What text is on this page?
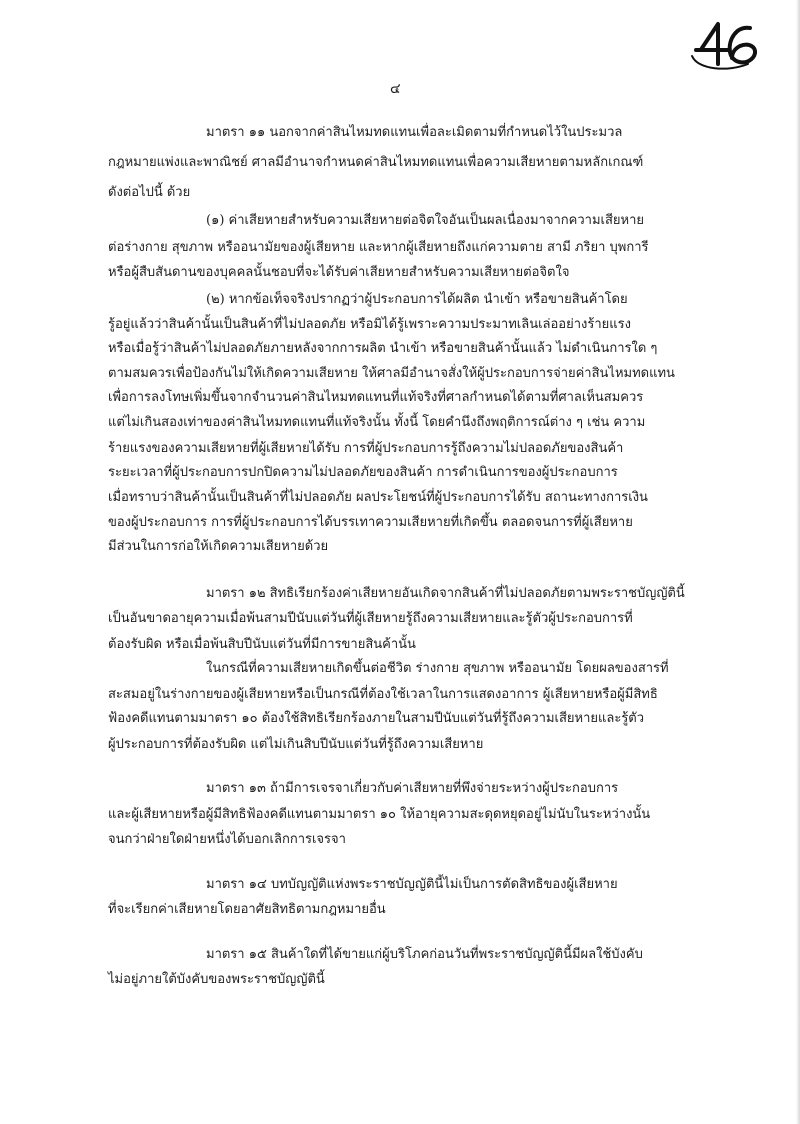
๔
มาตรา ๑๑ นอกจากค่าสินไหมทดแทนเพื่อละเมิดตามที่กำหนดไว้ในประมวล
กฎหมายแพ่งและพาณิชย์ ศาลมีอำนาจกำหนดค่าสินไหมทดแทนเพื่อความเสียหายตามหลักเกณฑ์
ดังต่อไปนี้ ด้วย
(๑) ค่าเสียหายสำหรับความเสียหายต่อจิตใจอันเป็นผลเนื่องมาจากความเสียหาย
ต่อร่างกาย สุขภาพ หรืออนามัยของผู้เสียหาย และหากผู้เสียหายถึงแก่ความตาย สามี ภริยา บุพการี
หรือผู้สืบสันดานของบุคคลนั้นชอบที่จะได้รับค่าเสียหายสำหรับความเสียหายต่อจิตใจ
(๒) หากข้อเท็จจริงปรากฏว่าผู้ประกอบการได้ผลิต นำเข้า หรือขายสินค้าโดย
รู้อยู่แล้วว่าสินค้านั้นเป็นสินค้าที่ไม่ปลอดภัย หรือมิได้รู้เพราะความประมาทเลินเล่ออย่างร้ายแรง
หรือเมื่อรู้ว่าสินค้าไม่ปลอดภัยภายหลังจากการผลิต นำเข้า หรือขายสินค้านั้นแล้ว ไม่ดำเนินการใด ๆ
ตามสมควรเพื่อป้องกันไม่ให้เกิดความเสียหาย ให้ศาลมีอำนาจสั่งให้ผู้ประกอบการจ่ายค่าสินไหมทดแทน
เพื่อการลงโทษเพิ่มขึ้นจากจำนวนค่าสินไหมทดแทนที่แท้จริงที่ศาลกำหนดได้ตามที่ศาลเห็นสมควร
แต่ไม่เกินสองเท่าของค่าสินไหมทดแทนที่แท้จริงนั้น ทั้งนี้ โดยคำนึงถึงพฤติการณ์ต่าง ๆ เช่น ความ
ร้ายแรงของความเสียหายที่ผู้เสียหายได้รับ การที่ผู้ประกอบการรู้ถึงความไม่ปลอดภัยของสินค้า
ระยะเวลาที่ผู้ประกอบการปกปิดความไม่ปลอดภัยของสินค้า การดำเนินการของผู้ประกอบการ
เมื่อทราบว่าสินค้านั้นเป็นสินค้าที่ไม่ปลอดภัย ผลประโยชน์ที่ผู้ประกอบการได้รับ สถานะทางการเงิน
ของผู้ประกอบการ การที่ผู้ประกอบการได้บรรเทาความเสียหายที่เกิดขึ้น ตลอดจนการที่ผู้เสียหาย
มีส่วนในการก่อให้เกิดความเสียหายด้วย
มาตรา ๑๒ สิทธิเรียกร้องค่าเสียหายอันเกิดจากสินค้าที่ไม่ปลอดภัยตามพระราชบัญญัตินี้
เป็นอันขาดอายุความเมื่อพ้นสามปีนับแต่วันที่ผู้เสียหายรู้ถึงความเสียหายและรู้ตัวผู้ประกอบการที่
ต้องรับผิด หรือเมื่อพ้นสิบปีนับแต่วันที่มีการขายสินค้านั้น
ในกรณีที่ความเสียหายเกิดขึ้นต่อชีวิต ร่างกาย สุขภาพ หรืออนามัย โดยผลของสารที่
สะสมอยู่ในร่างกายของผู้เสียหายหรือเป็นกรณีที่ต้องใช้เวลาในการแสดงอาการ ผู้เสียหายหรือผู้มีสิทธิ
ฟ้องคดีแทนตามมาตรา ๑๐ ต้องใช้สิทธิเรียกร้องภายในสามปีนับแต่วันที่รู้ถึงความเสียหายและรู้ตัว
ผู้ประกอบการที่ต้องรับผิด แต่ไม่เกินสิบปีนับแต่วันที่รู้ถึงความเสียหาย
มาตรา ๑๓ ถ้ามีการเจรจาเกี่ยวกับค่าเสียหายที่พึงจ่ายระหว่างผู้ประกอบการ
และผู้เสียหายหรือผู้มีสิทธิฟ้องคดีแทนตามมาตรา ๑๐ ให้อายุความสะดุดหยุดอยู่ไม่นับในระหว่างนั้น
จนกว่าฝ่ายใดฝ่ายหนึ่งได้บอกเลิกการเจรจา
มาตรา ๑๔ บทบัญญัติแห่งพระราชบัญญัตินี้ไม่เป็นการตัดสิทธิของผู้เสียหาย
ที่จะเรียกค่าเสียหายโดยอาศัยสิทธิตามกฎหมายอื่น
มาตรา ๑๕ สินค้าใดที่ได้ขายแก่ผู้บริโภคก่อนวันที่พระราชบัญญัตินี้มีผลใช้บังคับ
ไม่อยู่ภายใต้บังคับของพระราชบัญญัตินี้
